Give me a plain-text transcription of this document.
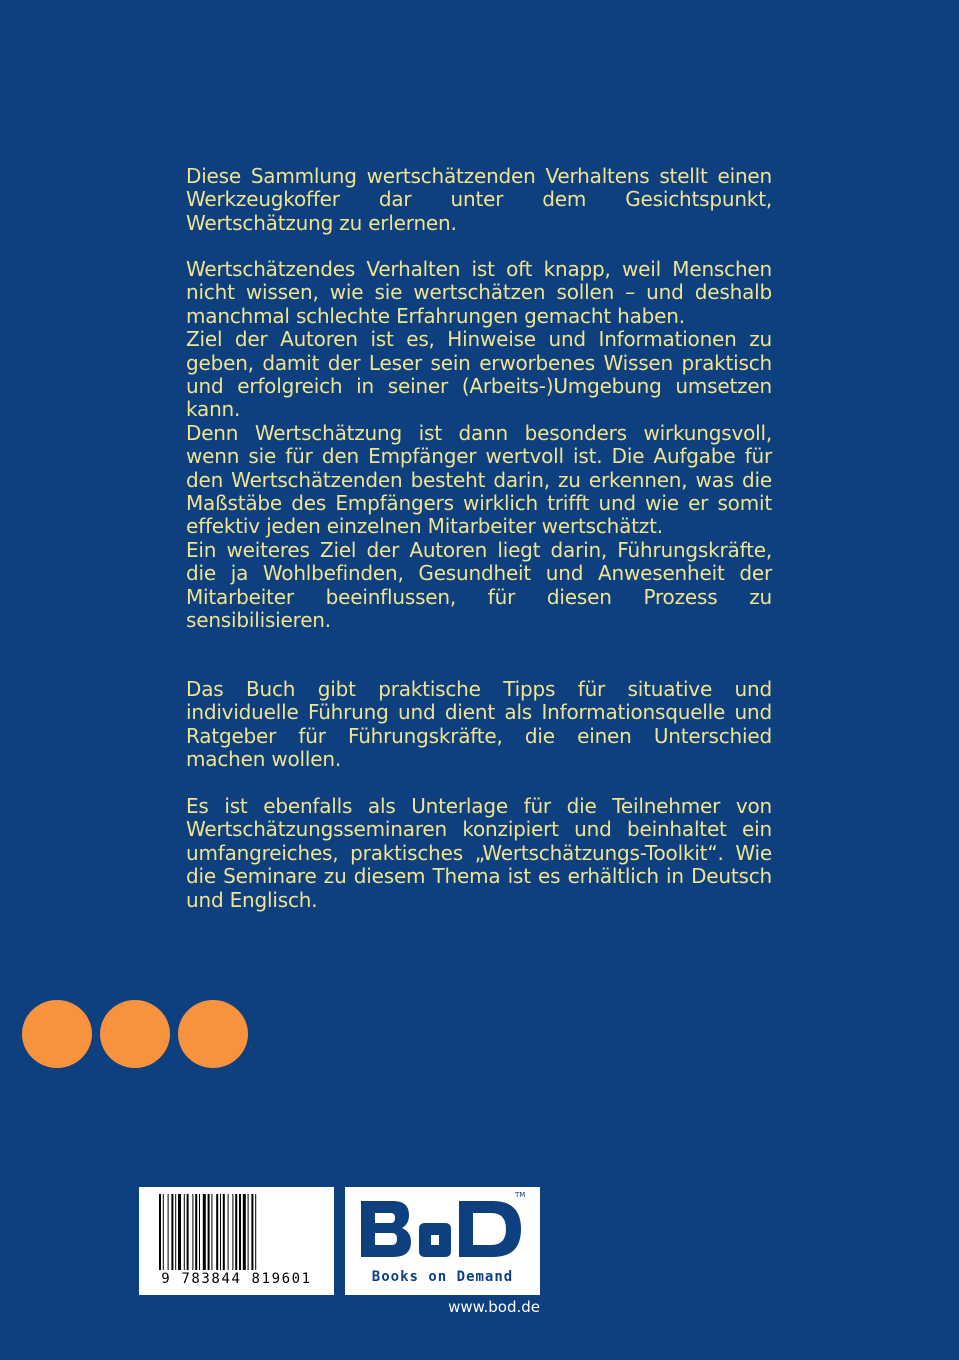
Diese Sammlung wertschätzenden Verhaltens stellt einen Werkzeugkoffer dar unter dem Gesichtspunkt, Wertschätzung zu erlernen.

Wertschätzendes Verhalten ist oft knapp, weil Menschen nicht wissen, wie sie wertschätzen sollen – und deshalb manchmal schlechte Erfahrungen gemacht haben.

Ziel der Autoren ist es, Hinweise und Informationen zu geben, damit der Leser sein erworbenes Wissen praktisch und erfolgreich in seiner (Arbeits-)Umgebung umsetzen kann.

Denn Wertschätzung ist dann besonders wirkungsvoll, wenn sie für den Empfänger wertvoll ist. Die Aufgabe für den Wertschätzenden besteht darin, zu erkennen, was die Maßstäbe des Empfängers wirklich trifft und wie er somit effektiv jeden einzelnen Mitarbeiter wertschätzt.

Ein weiteres Ziel der Autoren liegt darin, Führungskräfte, die ja Wohlbefinden, Gesundheit und Anwesenheit der Mitarbeiter beeinflussen, für diesen Prozess zu sensibilisieren.

Das Buch gibt praktische Tipps für situative und individuelle Führung und dient als Informationsquelle und Ratgeber für Führungskräfte, die einen Unterschied machen wollen.

Es ist ebenfalls als Unterlage für die Teilnehmer von Wertschätzungsseminaren konzipiert und beinhaltet ein umfangreiches, praktisches „Wertschätzungs-Toolkit“. Wie die Seminare zu diesem Thema ist es erhältlich in Deutsch und Englisch.

9 783844 819601
TM
Books on Demand
www.bod.de
